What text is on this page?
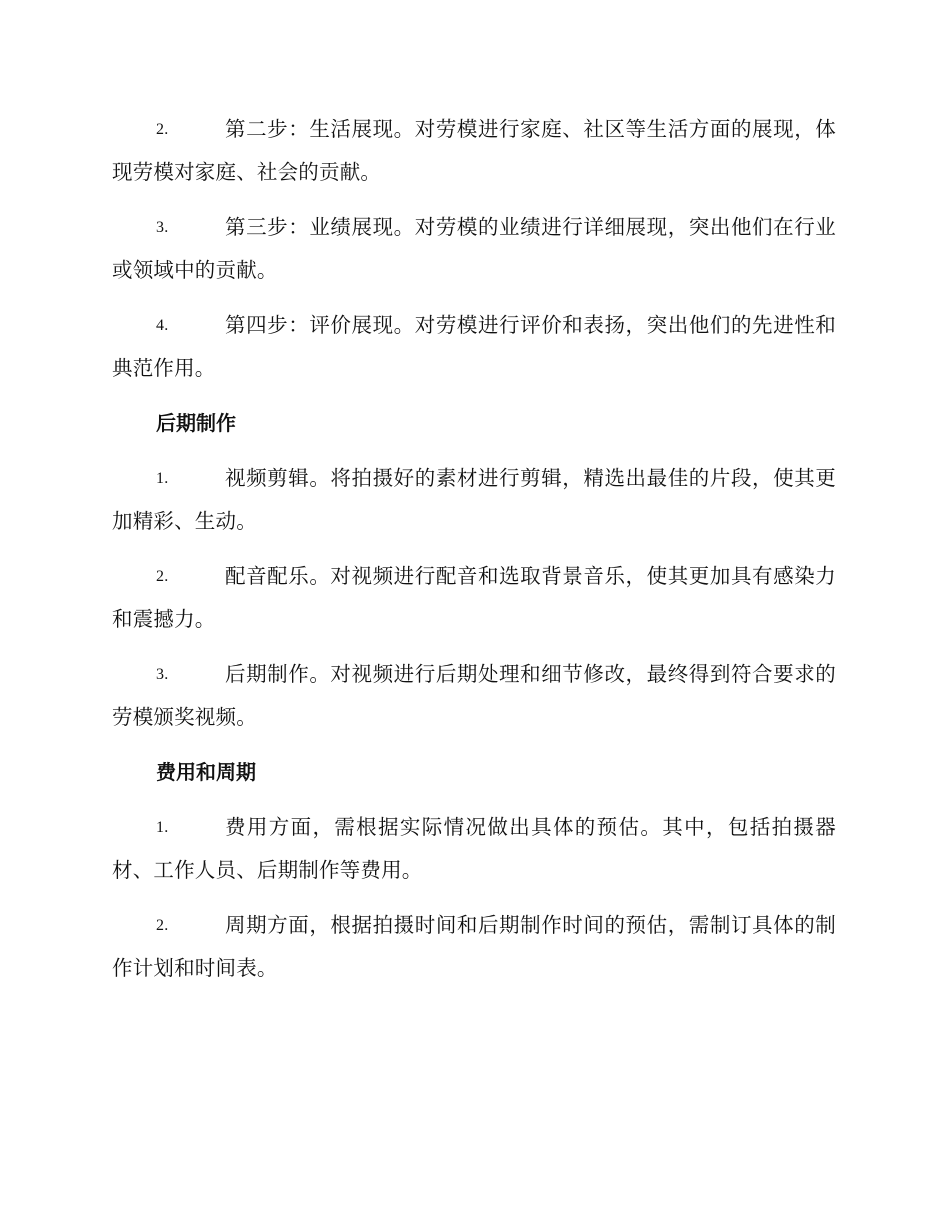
2.	第二步：生活展现。对劳模进行家庭、社区等生活方面的展现，体现劳模对家庭、社会的贡献。
3.	第三步：业绩展现。对劳模的业绩进行详细展现，突出他们在行业或领域中的贡献。
4.	第四步：评价展现。对劳模进行评价和表扬，突出他们的先进性和典范作用。
后期制作
1.	视频剪辑。将拍摄好的素材进行剪辑，精选出最佳的片段，使其更加精彩、生动。
2.	配音配乐。对视频进行配音和选取背景音乐，使其更加具有感染力和震撼力。
3.	后期制作。对视频进行后期处理和细节修改，最终得到符合要求的劳模颁奖视频。
费用和周期
1.	费用方面，需根据实际情况做出具体的预估。其中，包括拍摄器材、工作人员、后期制作等费用。
2.	周期方面，根据拍摄时间和后期制作时间的预估，需制订具体的制作计划和时间表。
